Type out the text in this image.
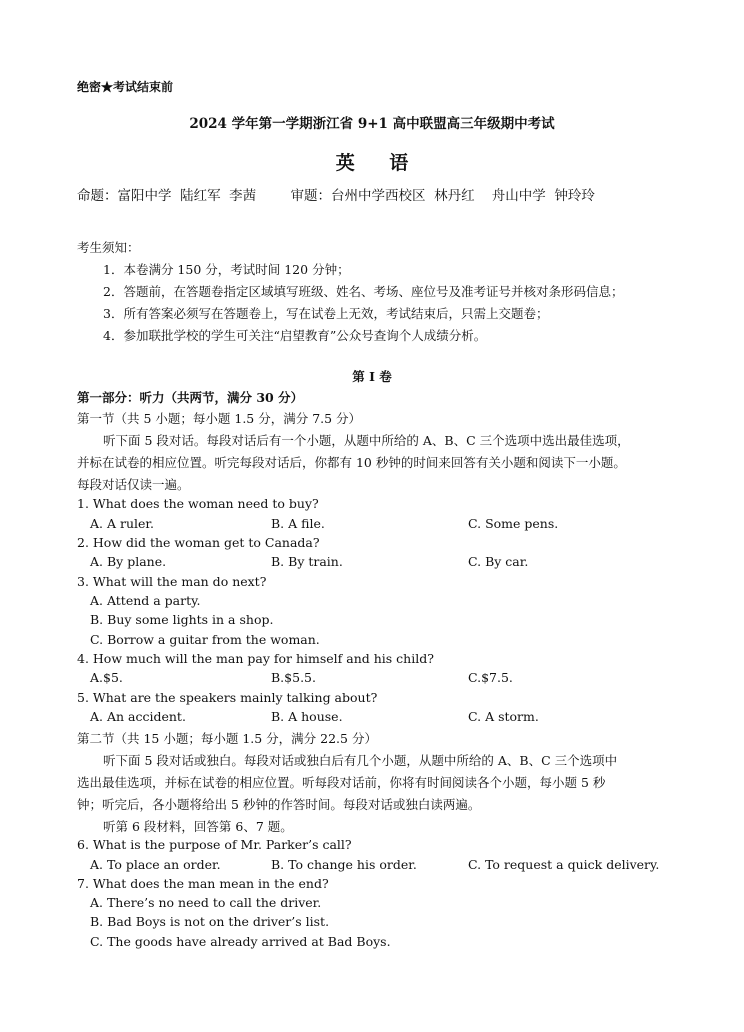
绝密★考试结束前
2024 学年第一学期浙江省 9+1 高中联盟高三年级期中考试
英 语
命题：富阳中学  陆红军  李茜        审题：台州中学西校区  林丹红    舟山中学  钟玲玲
考生须知：
1．本卷满分 150 分，考试时间 120 分钟；
2．答题前，在答题卷指定区域填写班级、姓名、考场、座位号及准考证号并核对条形码信息；
3．所有答案必须写在答题卷上，写在试卷上无效，考试结束后，只需上交题卷；
4．参加联批学校的学生可关注“启望教育”公众号查询个人成绩分析。
第 Ⅰ 卷
第一部分：听力（共两节，满分 30 分）
第一节（共 5 小题；每小题 1.5 分，满分 7.5 分）
听下面 5 段对话。每段对话后有一个小题，从题中所给的 A、B、C 三个选项中选出最佳选项，
并标在试卷的相应位置。听完每段对话后，你都有 10 秒钟的时间来回答有关小题和阅读下一小题。
每段对话仅读一遍。
1. What does the woman need to buy?
A. A ruler.	B. A file.	C. Some pens.
2. How did the woman get to Canada?
A. By plane.	B. By train.	C. By car.
3. What will the man do next?
A. Attend a party.
B. Buy some lights in a shop.
C. Borrow a guitar from the woman.
4. How much will the man pay for himself and his child?
A.$5.	B.$5.5.	C.$7.5.
5. What are the speakers mainly talking about?
A. An accident.	B. A house.	C. A storm.
第二节（共 15 小题；每小题 1.5 分，满分 22.5 分）
听下面 5 段对话或独白。每段对话或独白后有几个小题，从题中所给的 A、B、C 三个选项中
选出最佳选项，并标在试卷的相应位置。听每段对话前，你将有时间阅读各个小题，每小题 5 秒
钟；听完后，各小题将给出 5 秒钟的作答时间。每段对话或独白读两遍。
听第 6 段材料，回答第 6、7 题。
6. What is the purpose of Mr. Parker’s call?
A. To place an order.	B. To change his order.	C. To request a quick delivery.
7. What does the man mean in the end?
A. There’s no need to call the driver.
B. Bad Boys is not on the driver’s list.
C. The goods have already arrived at Bad Boys.
